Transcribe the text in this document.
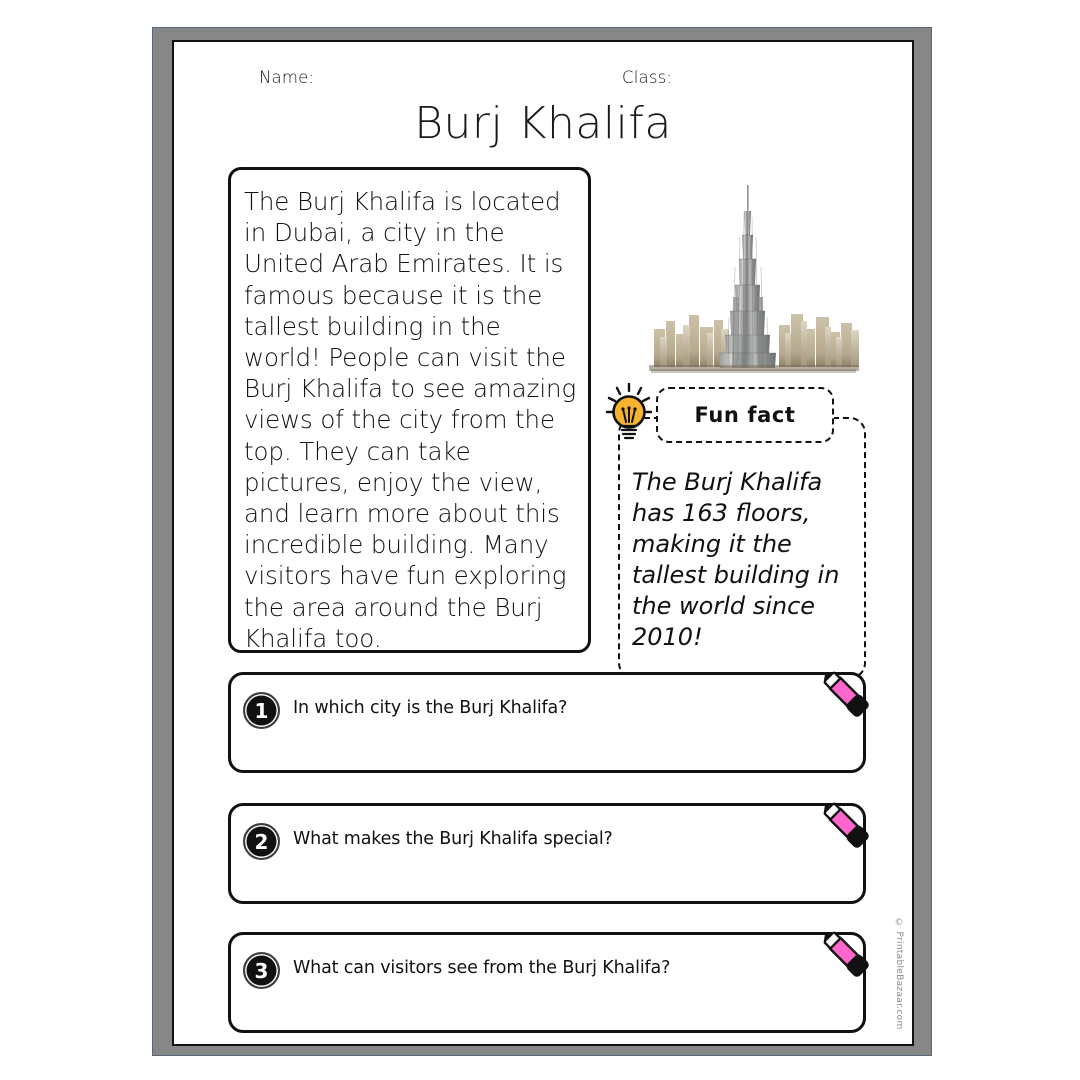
Name:	Class:
Burj Khalifa
The Burj Khalifa is located in Dubai, a city in the United Arab Emirates. It is famous because it is the tallest building in the world! People can visit the Burj Khalifa to see amazing views of the city from the top. They can take pictures, enjoy the view, and learn more about this incredible building. Many visitors have fun exploring the area around the Burj Khalifa too.
Fun fact
The Burj Khalifa has 163 floors, making it the tallest building in the world since 2010!
1	In which city is the Burj Khalifa?
2	What makes the Burj Khalifa special?
3	What can visitors see from the Burj Khalifa?	© PrintableBazaar.com
